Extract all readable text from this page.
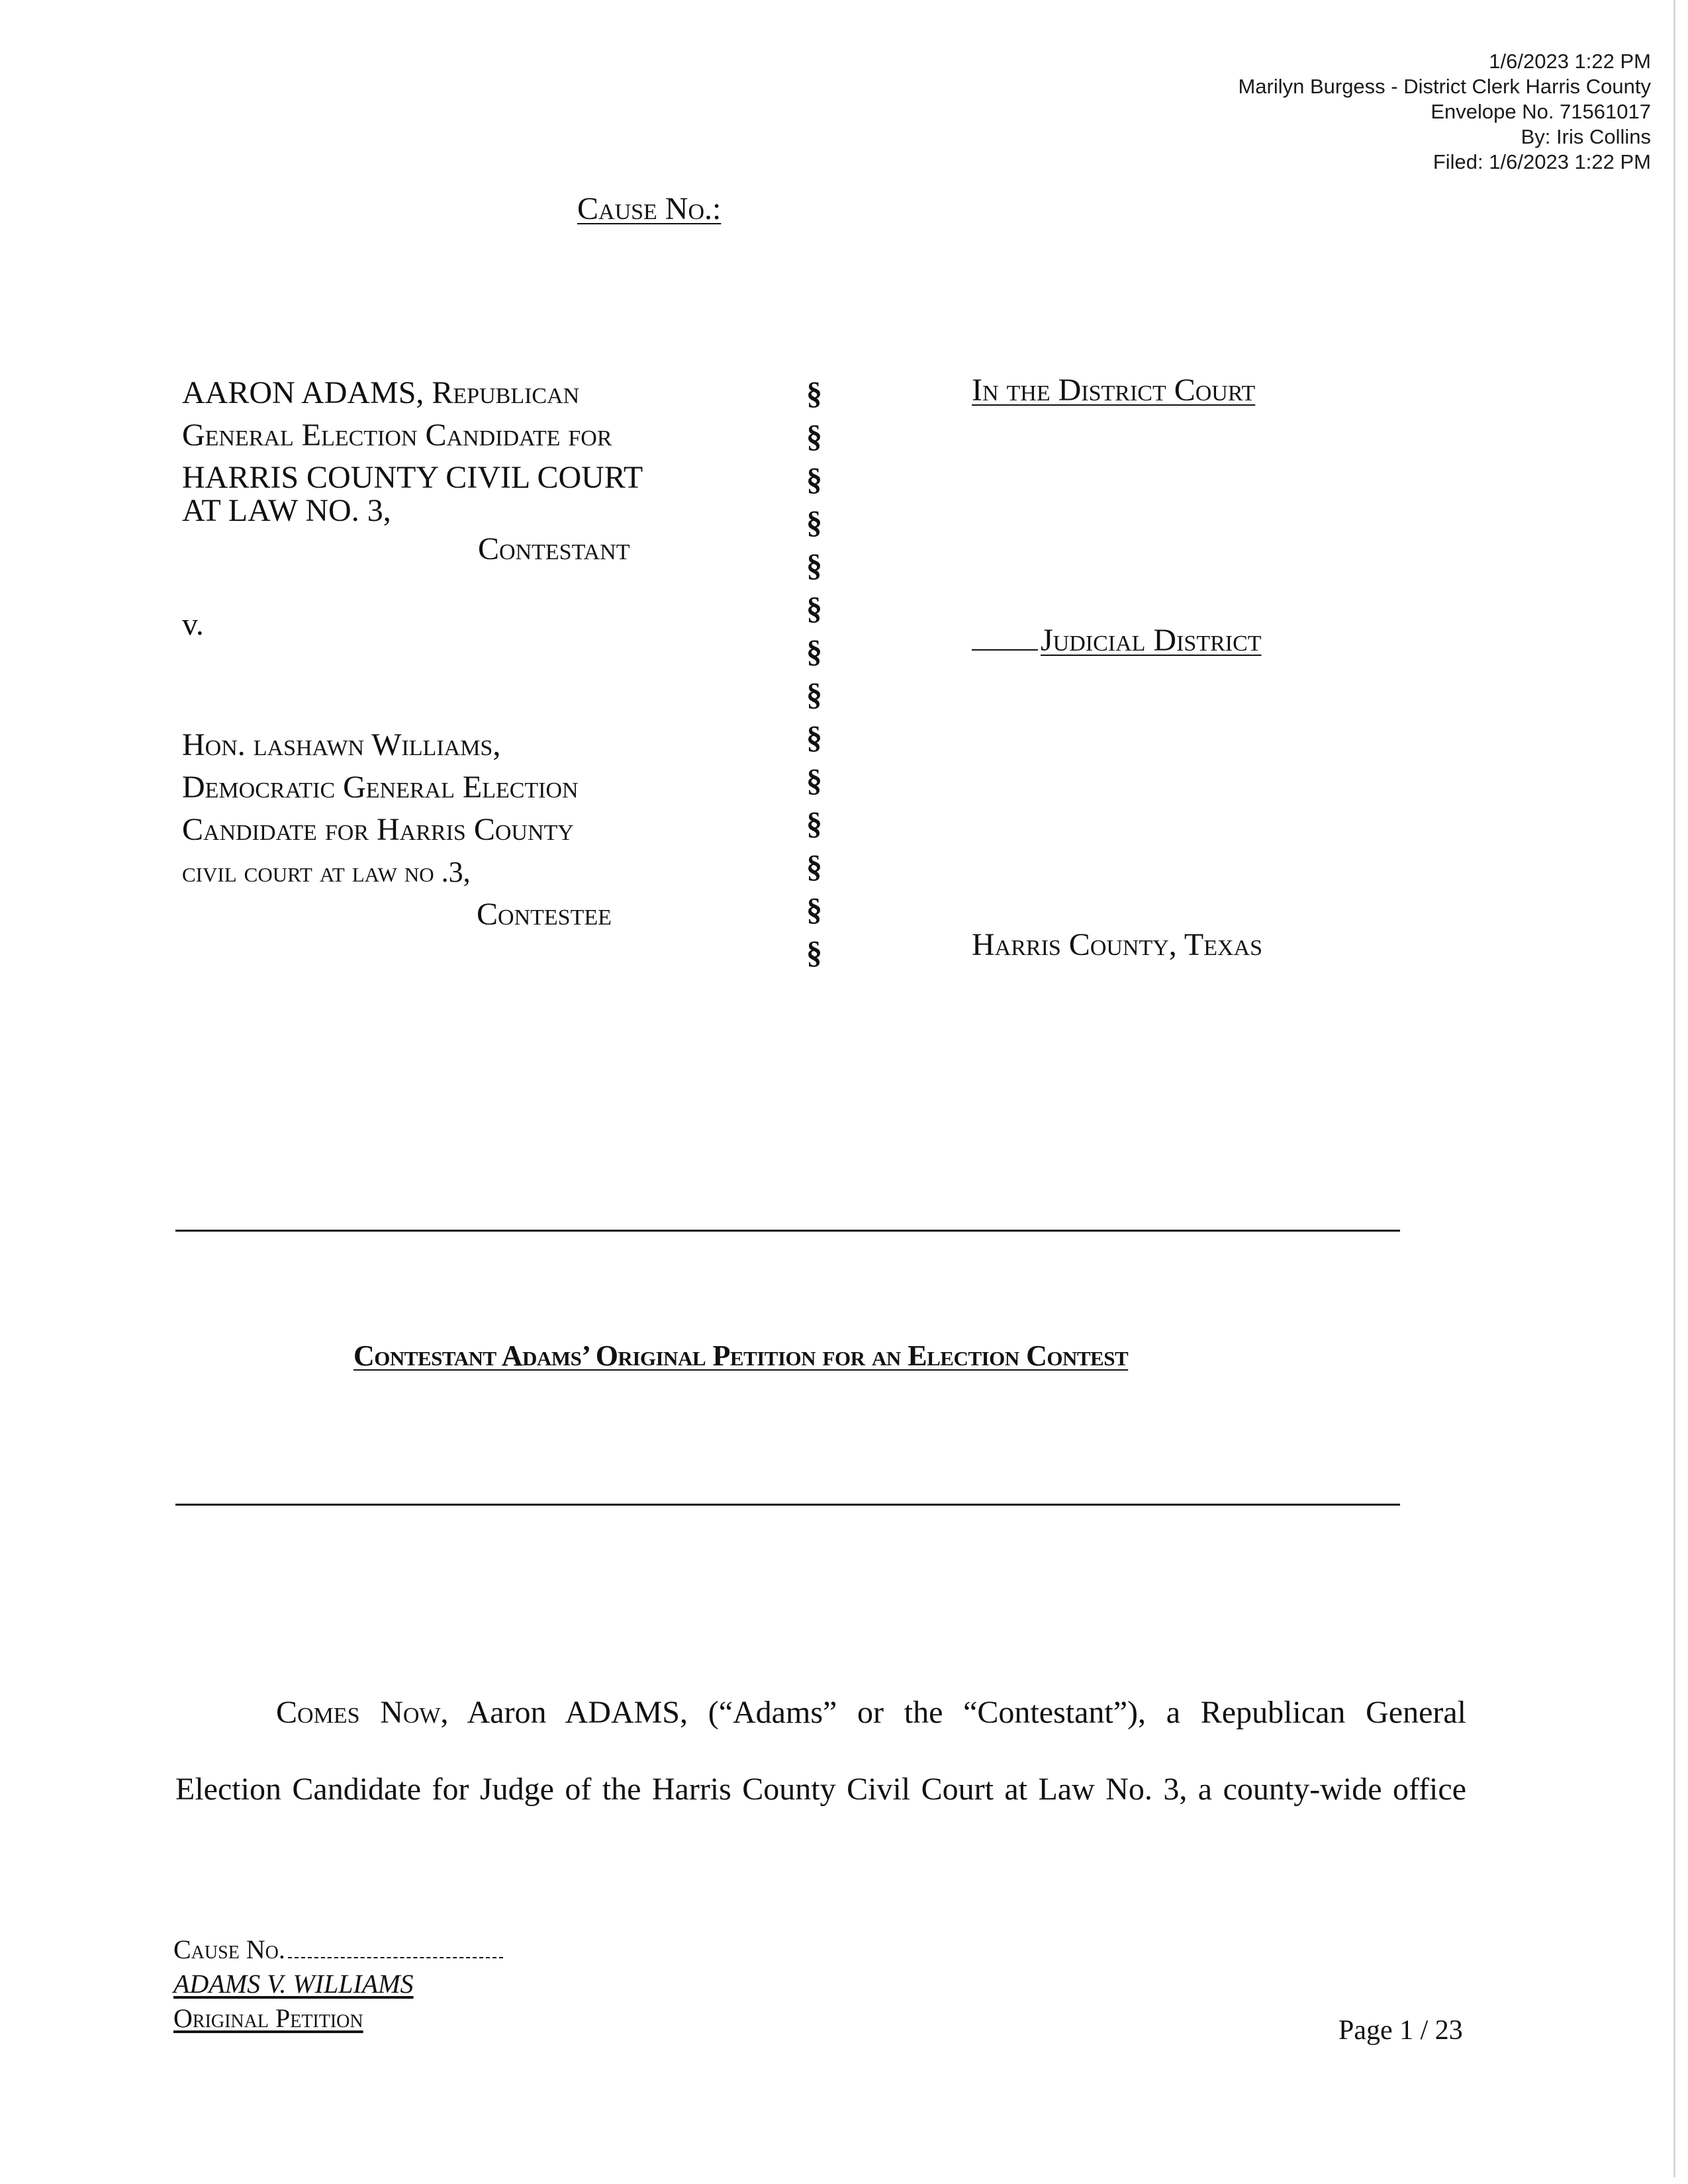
1/6/2023 1:22 PM
Marilyn Burgess - District Clerk Harris County
Envelope No. 71561017
By: Iris Collins
Filed: 1/6/2023 1:22 PM
Cause No.:
AARON ADAMS, Republican
General Election Candidate for
HARRIS COUNTY CIVIL COURT
AT LAW NO. 3,
Contestant
v.
Hon. lashawn Williams,
Democratic General Election
Candidate for Harris County
civil court at law no .3,
Contestee
§
§
§
§
§
§
§
§
§
§
§
§
§
§
In the District Court
Judicial District
Harris County, Texas
Contestant Adams’ Original Petition for an Election Contest

Comes Now, Aaron ADAMS, (“Adams” or the “Contestant”), a Republican General

Election Candidate for Judge of the Harris County Civil Court at Law No. 3, a county-wide office

Cause No.
ADAMS V. WILLIAMS
Original Petition	Page 1 / 23
